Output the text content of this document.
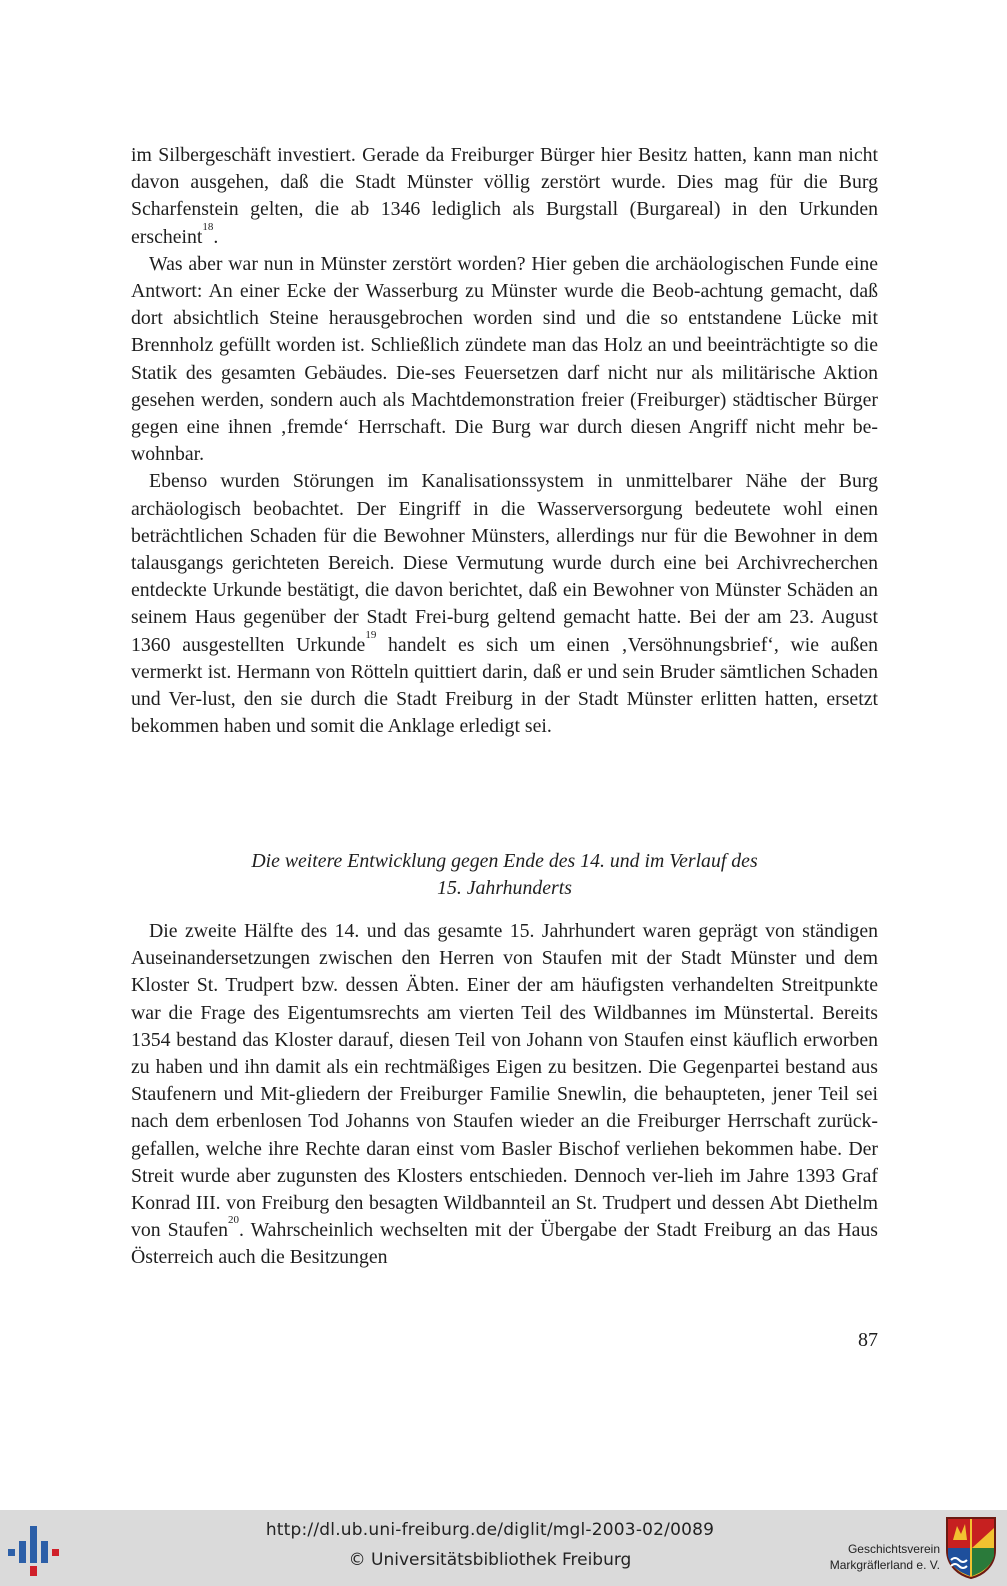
im Silbergeschäft investiert. Gerade da Freiburger Bürger hier Besitz hatten, kann man nicht davon ausgehen, daß die Stadt Münster völlig zerstört wurde. Dies mag für die Burg Scharfenstein gelten, die ab 1346 lediglich als Burgstall (Burgareal) in den Urkunden erscheint$^{18}$.

Was aber war nun in Münster zerstört worden? Hier geben die archäologischen Funde eine Antwort: An einer Ecke der Wasserburg zu Münster wurde die Beob-achtung gemacht, daß dort absichtlich Steine herausgebrochen worden sind und die so entstandene Lücke mit Brennholz gefüllt worden ist. Schließlich zündete man das Holz an und beeinträchtigte so die Statik des gesamten Gebäudes. Die-ses Feuersetzen darf nicht nur als militärische Aktion gesehen werden, sondern auch als Machtdemonstration freier (Freiburger) städtischer Bürger gegen eine ihnen ‚fremde‘ Herrschaft. Die Burg war durch diesen Angriff nicht mehr be-wohnbar.

Ebenso wurden Störungen im Kanalisationssystem in unmittelbarer Nähe der Burg archäologisch beobachtet. Der Eingriff in die Wasserversorgung bedeutete wohl einen beträchtlichen Schaden für die Bewohner Münsters, allerdings nur für die Bewohner in dem talausgangs gerichteten Bereich. Diese Vermutung wurde durch eine bei Archivrecherchen entdeckte Urkunde bestätigt, die davon berichtet, daß ein Bewohner von Münster Schäden an seinem Haus gegenüber der Stadt Frei-burg geltend gemacht hatte. Bei der am 23. August 1360 ausgestellten Urkunde$^{19}$ handelt es sich um einen ‚Versöhnungsbrief‘, wie außen vermerkt ist. Hermann von Rötteln quittiert darin, daß er und sein Bruder sämtlichen Schaden und Ver-lust, den sie durch die Stadt Freiburg in der Stadt Münster erlitten hatten, ersetzt bekommen haben und somit die Anklage erledigt sei.

Die weitere Entwicklung gegen Ende des 14. und im Verlauf des
15. Jahrhunderts

Die zweite Hälfte des 14. und das gesamte 15. Jahrhundert waren geprägt von ständigen Auseinandersetzungen zwischen den Herren von Staufen mit der Stadt Münster und dem Kloster St. Trudpert bzw. dessen Äbten. Einer der am häufigsten verhandelten Streitpunkte war die Frage des Eigentumsrechts am vierten Teil des Wildbannes im Münstertal. Bereits 1354 bestand das Kloster darauf, diesen Teil von Johann von Staufen einst käuflich erworben zu haben und ihn damit als ein rechtmäßiges Eigen zu besitzen. Die Gegenpartei bestand aus Staufenern und Mit-gliedern der Freiburger Familie Snewlin, die behaupteten, jener Teil sei nach dem erbenlosen Tod Johanns von Staufen wieder an die Freiburger Herrschaft zurück-gefallen, welche ihre Rechte daran einst vom Basler Bischof verliehen bekommen habe. Der Streit wurde aber zugunsten des Klosters entschieden. Dennoch ver-lieh im Jahre 1393 Graf Konrad III. von Freiburg den besagten Wildbannteil an St. Trudpert und dessen Abt Diethelm von Staufen$^{20}$. Wahrscheinlich wechselten mit der Übergabe der Stadt Freiburg an das Haus Österreich auch die Besitzungen

87
http://dl.ub.uni-freiburg.de/diglit/mgl-2003-02/0089
© Universitätsbibliothek Freiburg
Geschichtsverein
Markgräflerland e. V.
